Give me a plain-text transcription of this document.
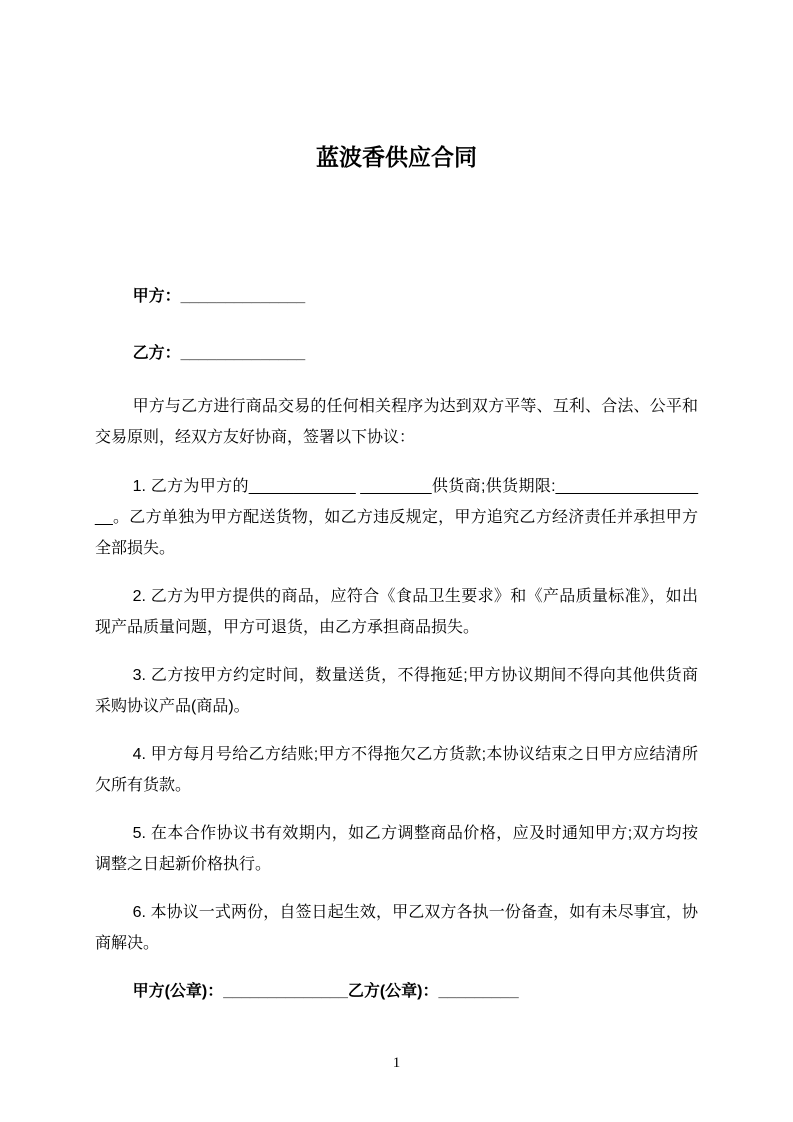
蓝波香供应合同

甲方：______________

乙方：______________

甲方与乙方进行商品交易的任何相关程序为达到双方平等、互利、合法、公平和交易原则，经双方友好协商，签署以下协议：

1. 乙方为甲方的____________ ________供货商;供货期限:________________ __。乙方单独为甲方配送货物，如乙方违反规定，甲方追究乙方经济责任并承担甲方全部损失。

2. 乙方为甲方提供的商品，应符合《食品卫生要求》和《产品质量标准》，如出现产品质量问题，甲方可退货，由乙方承担商品损失。

3. 乙方按甲方约定时间，数量送货，不得拖延;甲方协议期间不得向其他供货商采购协议产品(商品)。

4. 甲方每月号给乙方结账;甲方不得拖欠乙方货款;本协议结束之日甲方应结清所欠所有货款。

5. 在本合作协议书有效期内，如乙方调整商品价格，应及时通知甲方;双方均按调整之日起新价格执行。

6. 本协议一式两份，自签日起生效，甲乙双方各执一份备查，如有未尽事宜，协商解决。

甲方(公章)：______________乙方(公章)：_________

1
